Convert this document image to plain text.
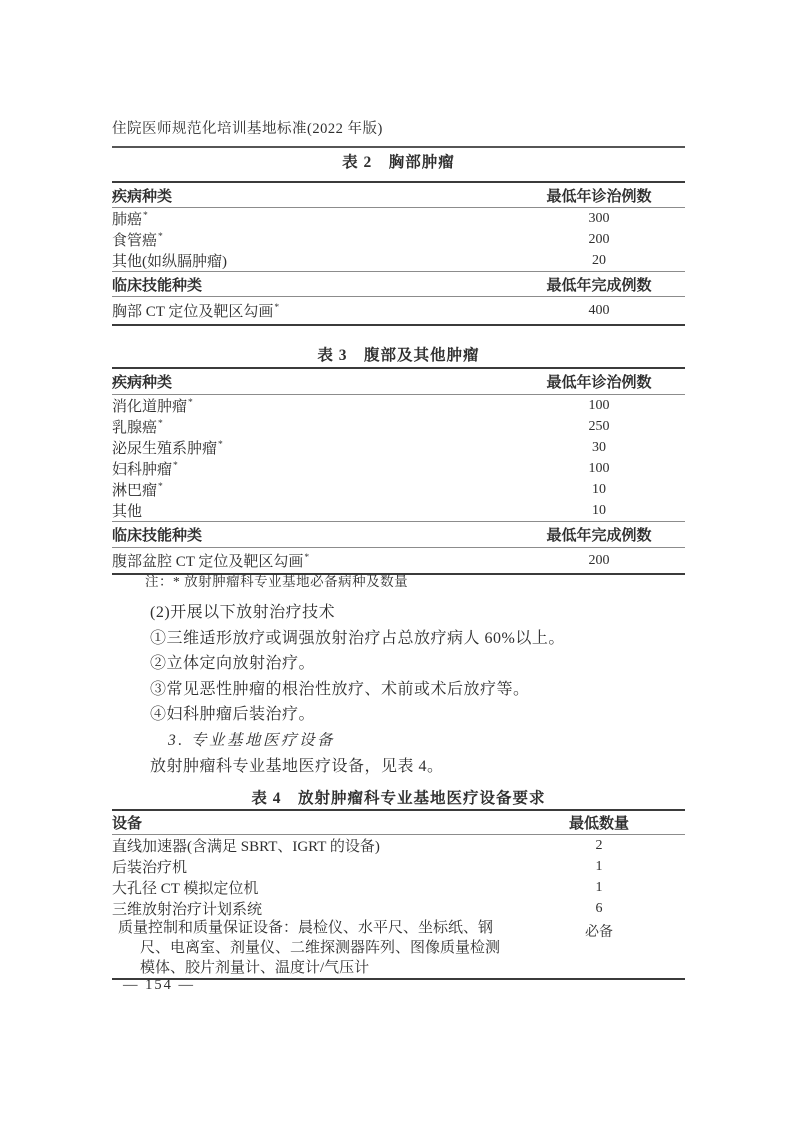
住院医师规范化培训基地标准(2022 年版)
表 2　胸部肿瘤
疾病种类	最低年诊治例数
肺癌*	300
食管癌*	200
其他(如纵膈肿瘤)	20
临床技能种类	最低年完成例数
胸部 CT 定位及靶区勾画*	400
表 3　腹部及其他肿瘤
疾病种类	最低年诊治例数
消化道肿瘤*	100
乳腺癌*	250
泌尿生殖系肿瘤*	30
妇科肿瘤*	100
淋巴瘤*	10
其他	10
临床技能种类	最低年完成例数
腹部盆腔 CT 定位及靶区勾画*	200
注：* 放射肿瘤科专业基地必备病种及数量
(2)开展以下放射治疗技术
①三维适形放疗或调强放射治疗占总放疗病人 60%以上。
②立体定向放射治疗。
③常见恶性肿瘤的根治性放疗、术前或术后放疗等。
④妇科肿瘤后装治疗。
3. 专业基地医疗设备
放射肿瘤科专业基地医疗设备，见表 4。
表 4　放射肿瘤科专业基地医疗设备要求
设备	最低数量
直线加速器(含满足 SBRT、IGRT 的设备)	2
后装治疗机	1
大孔径 CT 模拟定位机	1
三维放射治疗计划系统	6
质量控制和质量保证设备：晨检仪、水平尺、坐标纸、钢尺、电离室、剂量仪、二维探测器阵列、图像质量检测模体、胶片剂量计、温度计/气压计	必备
— 154 —
